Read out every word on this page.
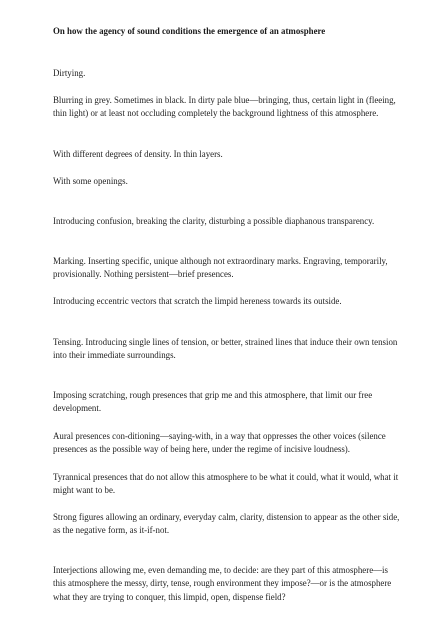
On how the agency of sound conditions the emergence of an atmosphere

Dirtying.

Blurring in grey. Sometimes in black. In dirty pale blue—bringing, thus, certain light in (fleeing, thin light) or at least not occluding completely the background lightness of this atmosphere.

With different degrees of density. In thin layers.

With some openings.

Introducing confusion, breaking the clarity, disturbing a possible diaphanous transparency.

Marking. Inserting specific, unique although not extraordinary marks. Engraving, temporarily, provisionally. Nothing persistent—brief presences.

Introducing eccentric vectors that scratch the limpid hereness towards its outside.

Tensing. Introducing single lines of tension, or better, strained lines that induce their own tension into their immediate surroundings.

Imposing scratching, rough presences that grip me and this atmosphere, that limit our free development.

Aural presences con-ditioning—saying-with, in a way that oppresses the other voices (silence presences as the possible way of being here, under the regime of incisive loudness).

Tyrannical presences that do not allow this atmosphere to be what it could, what it would, what it might want to be.

Strong figures allowing an ordinary, everyday calm, clarity, distension to appear as the other side, as the negative form, as it-if-not.

Interjections allowing me, even demanding me, to decide: are they part of this atmosphere—is this atmosphere the messy, dirty, tense, rough environment they impose?—or is the atmosphere what they are trying to conquer, this limpid, open, dispense field?
